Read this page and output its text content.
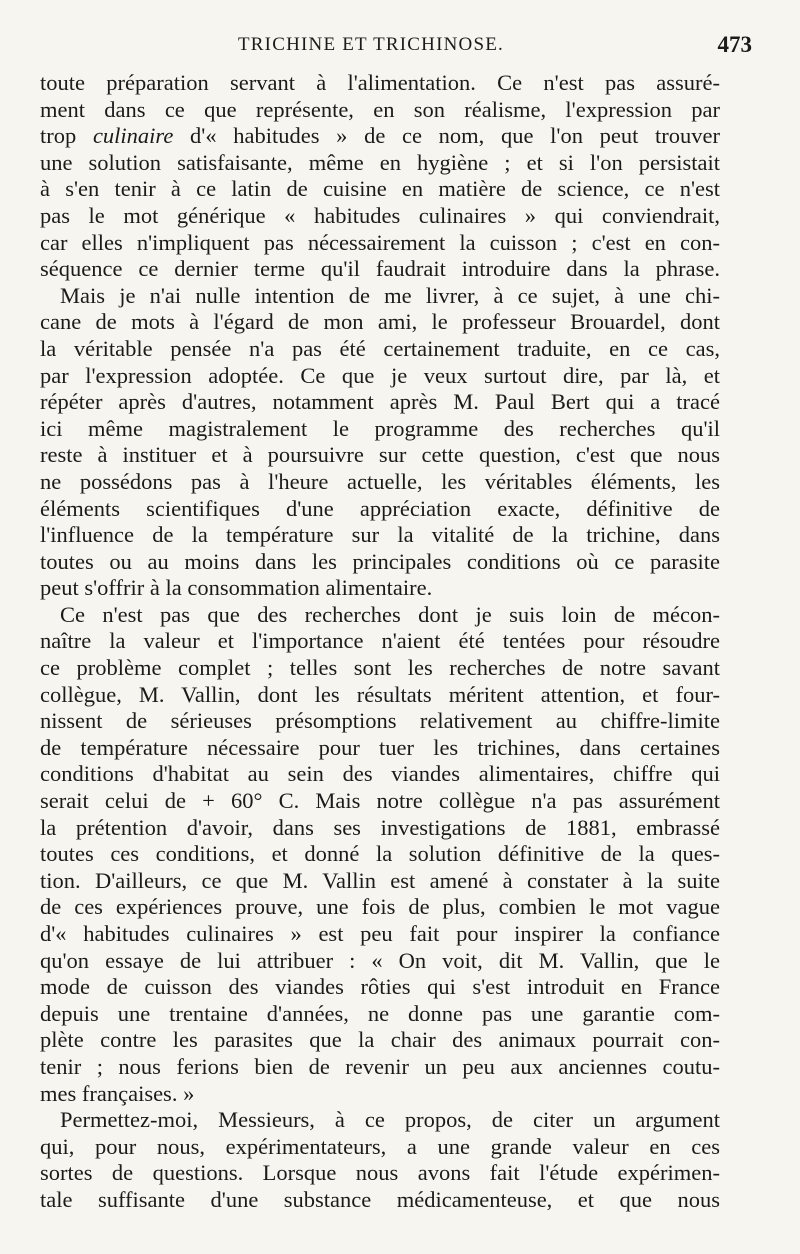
TRICHINE ET TRICHINOSE.	473
toute préparation servant à l'alimentation. Ce n'est pas assuré-
ment dans ce que représente, en son réalisme, l'expression par
trop culinaire d'« habitudes » de ce nom, que l'on peut trouver
une solution satisfaisante, même en hygiène ; et si l'on persistait
à s'en tenir à ce latin de cuisine en matière de science, ce n'est
pas le mot générique « habitudes culinaires » qui conviendrait,
car elles n'impliquent pas nécessairement la cuisson ; c'est en con-
séquence ce dernier terme qu'il faudrait introduire dans la phrase.
Mais je n'ai nulle intention de me livrer, à ce sujet, à une chi-
cane de mots à l'égard de mon ami, le professeur Brouardel, dont
la véritable pensée n'a pas été certainement traduite, en ce cas,
par l'expression adoptée. Ce que je veux surtout dire, par là, et
répéter après d'autres, notamment après M. Paul Bert qui a tracé
ici même magistralement le programme des recherches qu'il
reste à instituer et à poursuivre sur cette question, c'est que nous
ne possédons pas à l'heure actuelle, les véritables éléments, les
éléments scientifiques d'une appréciation exacte, définitive de
l'influence de la température sur la vitalité de la trichine, dans
toutes ou au moins dans les principales conditions où ce parasite
peut s'offrir à la consommation alimentaire.
Ce n'est pas que des recherches dont je suis loin de mécon-
naître la valeur et l'importance n'aient été tentées pour résoudre
ce problème complet ; telles sont les recherches de notre savant
collègue, M. Vallin, dont les résultats méritent attention, et four-
nissent de sérieuses présomptions relativement au chiffre-limite
de température nécessaire pour tuer les trichines, dans certaines
conditions d'habitat au sein des viandes alimentaires, chiffre qui
serait celui de + 60° C. Mais notre collègue n'a pas assurément
la prétention d'avoir, dans ses investigations de 1881, embrassé
toutes ces conditions, et donné la solution définitive de la ques-
tion. D'ailleurs, ce que M. Vallin est amené à constater à la suite
de ces expériences prouve, une fois de plus, combien le mot vague
d'« habitudes culinaires » est peu fait pour inspirer la confiance
qu'on essaye de lui attribuer : « On voit, dit M. Vallin, que le
mode de cuisson des viandes rôties qui s'est introduit en France
depuis une trentaine d'années, ne donne pas une garantie com-
plète contre les parasites que la chair des animaux pourrait con-
tenir ; nous ferions bien de revenir un peu aux anciennes coutu-
mes françaises. »
Permettez-moi, Messieurs, à ce propos, de citer un argument
qui, pour nous, expérimentateurs, a une grande valeur en ces
sortes de questions. Lorsque nous avons fait l'étude expérimen-
tale suffisante d'une substance médicamenteuse, et que nous
